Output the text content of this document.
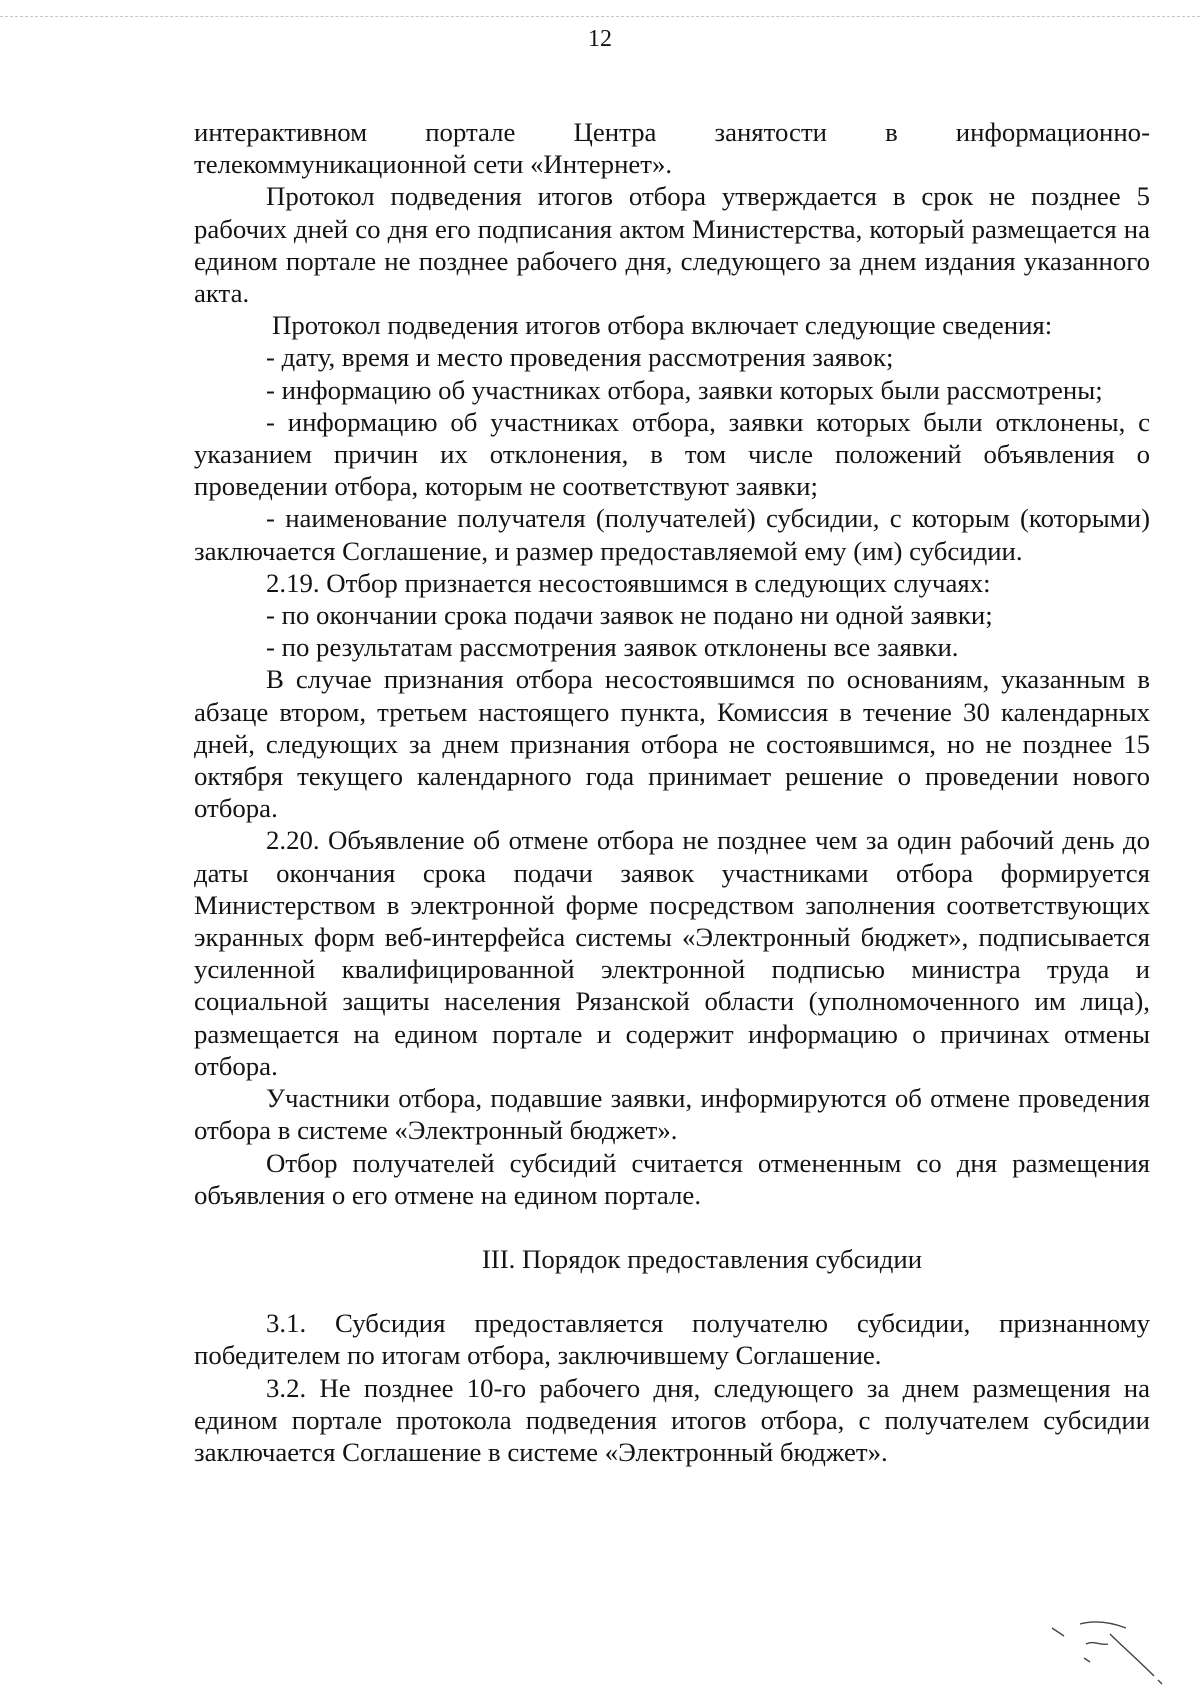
12

интерактивном портале Центра занятости в информационно-телекоммуникационной сети «Интернет».

Протокол подведения итогов отбора утверждается в срок не позднее 5 рабочих дней со дня его подписания актом Министерства, который размещается на едином портале не позднее рабочего дня, следующего за днем издания указанного акта.

Протокол подведения итогов отбора включает следующие сведения:

- дату, время и место проведения рассмотрения заявок;

- информацию об участниках отбора, заявки которых были рассмотрены;

- информацию об участниках отбора, заявки которых были отклонены, с указанием причин их отклонения, в том числе положений объявления о проведении отбора, которым не соответствуют заявки;

- наименование получателя (получателей) субсидии, с которым (которыми) заключается Соглашение, и размер предоставляемой ему (им) субсидии.

2.19. Отбор признается несостоявшимся в следующих случаях:

- по окончании срока подачи заявок не подано ни одной заявки;

- по результатам рассмотрения заявок отклонены все заявки.

В случае признания отбора несостоявшимся по основаниям, указанным в абзаце втором, третьем настоящего пункта, Комиссия в течение 30 календарных дней, следующих за днем признания отбора не состоявшимся, но не позднее 15 октября текущего календарного года принимает решение о проведении нового отбора.

2.20. Объявление об отмене отбора не позднее чем за один рабочий день до даты окончания срока подачи заявок участниками отбора формируется Министерством в электронной форме посредством заполнения соответствующих экранных форм веб-интерфейса системы «Электронный бюджет», подписывается усиленной квалифицированной электронной подписью министра труда и социальной защиты населения Рязанской области (уполномоченного им лица), размещается на едином портале и содержит информацию о причинах отмены отбора.

Участники отбора, подавшие заявки, информируются об отмене проведения отбора в системе «Электронный бюджет».

Отбор получателей субсидий считается отмененным со дня размещения объявления о его отмене на едином портале.

III. Порядок предоставления субсидии

3.1. Субсидия предоставляется получателю субсидии, признанному победителем по итогам отбора, заключившему Соглашение.

3.2. Не позднее 10-го рабочего дня, следующего за днем размещения на едином портале протокола подведения итогов отбора, с получателем субсидии заключается Соглашение в системе «Электронный бюджет».
